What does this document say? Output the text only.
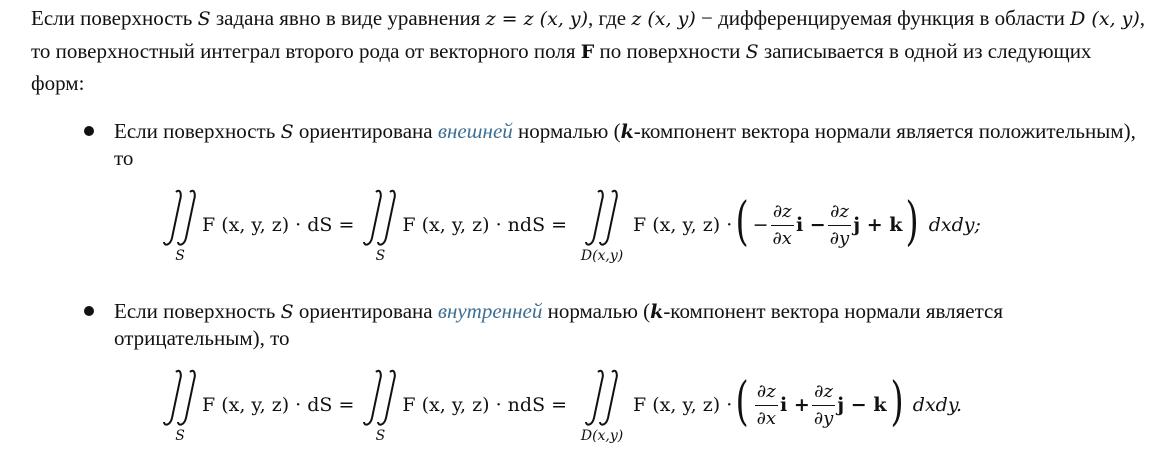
Если поверхность S задана явно в виде уравнения z = z (x, y), где z (x, y) − дифференцируемая функция в области D (x, y), то поверхностный интеграл второго рода от векторного поля F по поверхности S записывается в одной из следующих форм:
Если поверхность S ориентирована внешней нормалью (k-компонент вектора нормали является положительным), то
S
F (x, y, z) · dS =
S
F (x, y, z) · ndS =
D(x,y)
F (x, y, z) · ( − $\frac{\partial z}{\partial x}$ $i - \frac{\partial z}{\partial y}$ j + k ) dxdy;
Если поверхность S ориентирована внутренней нормалью (k-компонент вектора нормали является отрицательным), то
S
F (x, y, z) · dS =
S
F (x, y, z) · ndS =
D(x,y)
F (x, y, z) · ( $\frac{\partial z}{\partial x}$ $i + \frac{\partial z}{\partial y}$ j − k ) dxdy.
